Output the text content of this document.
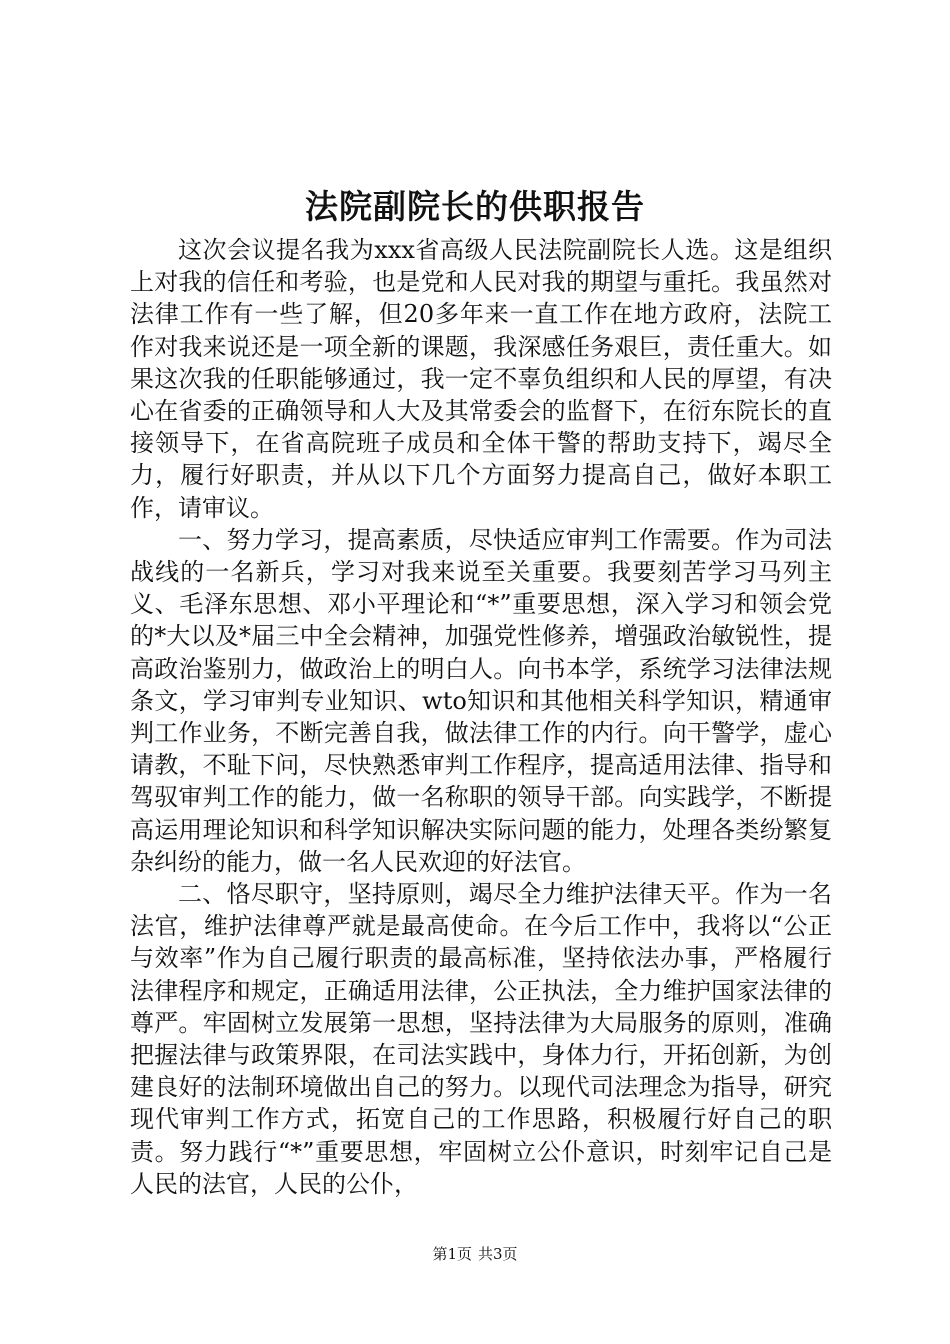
法院副院长的供职报告

这次会议提名我为xxx省高级人民法院副院长人选。这是组织上对我的信任和考验，也是党和人民对我的期望与重托。我虽然对法律工作有一些了解，但20多年来一直工作在地方政府，法院工作对我来说还是一项全新的课题，我深感任务艰巨，责任重大。如果这次我的任职能够通过，我一定不辜负组织和人民的厚望，有决心在省委的正确领导和人大及其常委会的监督下，在衍东院长的直接领导下，在省高院班子成员和全体干警的帮助支持下，竭尽全力，履行好职责，并从以下几个方面努力提高自己，做好本职工作，请审议。

一、努力学习，提高素质，尽快适应审判工作需要。作为司法战线的一名新兵，学习对我来说至关重要。我要刻苦学习马列主义、毛泽东思想、邓小平理论和“*”重要思想，深入学习和领会党的*大以及*届三中全会精神，加强党性修养，增强政治敏锐性，提高政治鉴别力，做政治上的明白人。向书本学，系统学习法律法规条文，学习审判专业知识、wto知识和其他相关科学知识，精通审判工作业务，不断完善自我，做法律工作的内行。向干警学，虚心请教，不耻下问，尽快熟悉审判工作程序，提高适用法律、指导和驾驭审判工作的能力，做一名称职的领导干部。向实践学，不断提高运用理论知识和科学知识解决实际问题的能力，处理各类纷繁复杂纠纷的能力，做一名人民欢迎的好法官。

二、恪尽职守，坚持原则，竭尽全力维护法律天平。作为一名法官，维护法律尊严就是最高使命。在今后工作中，我将以“公正与效率”作为自己履行职责的最高标准，坚持依法办事，严格履行法律程序和规定，正确适用法律，公正执法，全力维护国家法律的尊严。牢固树立发展第一思想，坚持法律为大局服务的原则，准确把握法律与政策界限，在司法实践中，身体力行，开拓创新，为创建良好的法制环境做出自己的努力。以现代司法理念为指导，研究现代审判工作方式，拓宽自己的工作思路，积极履行好自己的职责。努力践行“*”重要思想，牢固树立公仆意识，时刻牢记自己是人民的法官，人民的公仆，

第1页 共3页
